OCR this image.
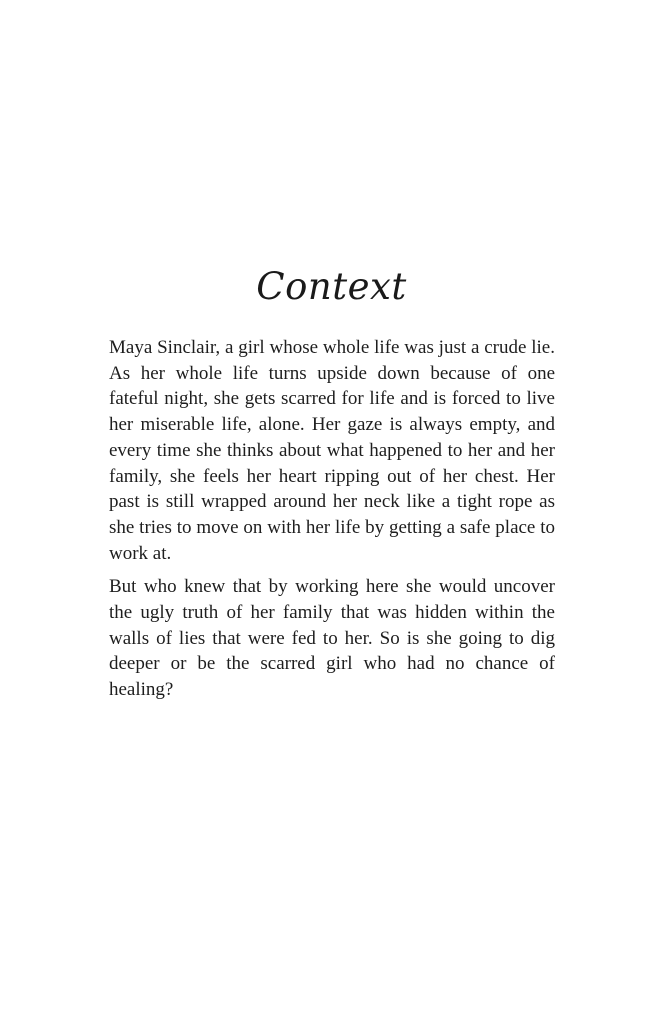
Context

Maya Sinclair, a girl whose whole life was just a crude lie. As her whole life turns upside down because of one fateful night, she gets scarred for life and is forced to live her miserable life, alone. Her gaze is always empty, and every time she thinks about what happened to her and her family, she feels her heart ripping out of her chest. Her past is still wrapped around her neck like a tight rope as she tries to move on with her life by getting a safe place to work at.

But who knew that by working here she would uncover the ugly truth of her family that was hidden within the walls of lies that were fed to her. So is she going to dig deeper or be the scarred girl who had no chance of healing?
